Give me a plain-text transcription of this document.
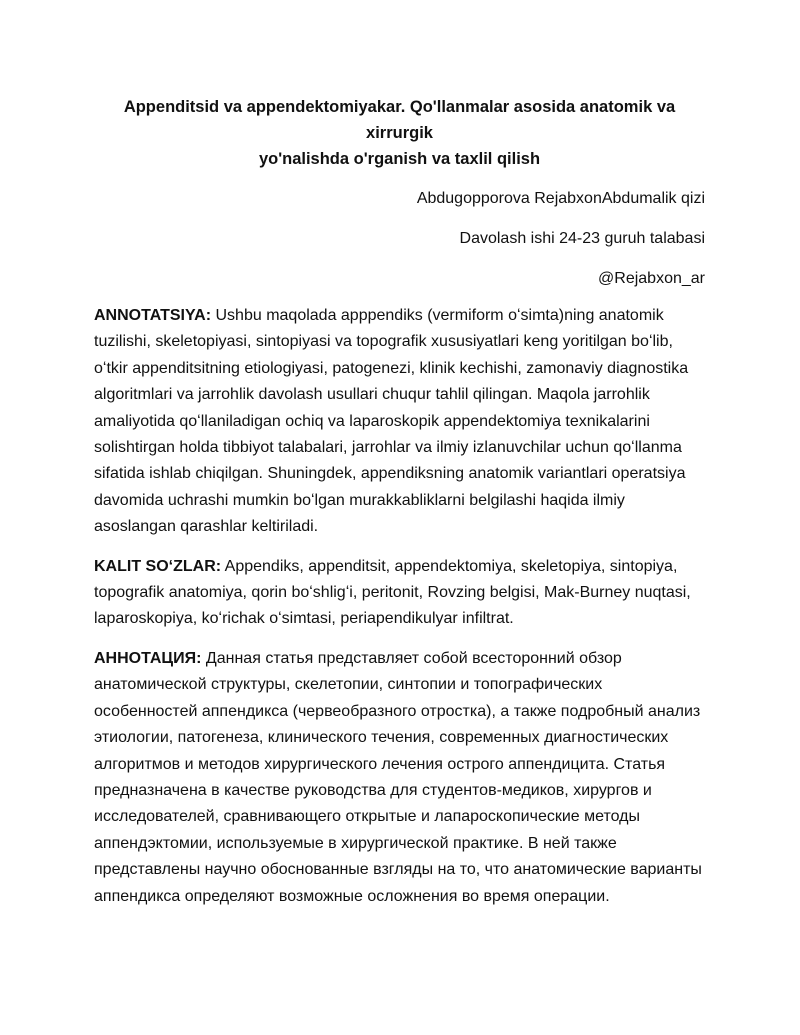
Appenditsid va appendektomiyakar. Qo'llanmalar asosida anatomik va xirrurgik
yo'nalishda o'rganish va taxlil qilish

Abdugopporova RejabxonAbdumalik qizi

Davolash ishi 24-23 guruh talabasi

@Rejabxon_ar

ANNOTATSIYA: Ushbu maqolada apppendiks (vermiform oʻsimta)ning anatomik tuzilishi, skeletopiyasi, sintopiyasi va topografik xususiyatlari keng yoritilgan boʻlib, oʻtkir appenditsitning etiologiyasi, patogenezi, klinik kechishi, zamonaviy diagnostika algoritmlari va jarrohlik davolash usullari chuqur tahlil qilingan. Maqola jarrohlik amaliyotida qoʻllaniladigan ochiq va laparoskopik appendektomiya texnikalarini solishtirgan holda tibbiyot talabalari, jarrohlar va ilmiy izlanuvchilar uchun qoʻllanma sifatida ishlab chiqilgan. Shuningdek, appendiksning anatomik variantlari operatsiya davomida uchrashi mumkin boʻlgan murakkabliklarni belgilashi haqida ilmiy asoslangan qarashlar keltiriladi.

KALIT SOʻZLAR: Appendiks, appenditsit, appendektomiya, skeletopiya, sintopiya, topografik anatomiya, qorin boʻshligʻi, peritonit, Rovzing belgisi, Mak-Burney nuqtasi, laparoskopiya, koʻrichak oʻsimtasi, periapendikulyar infiltrat.

АННОТАЦИЯ: Данная статья представляет собой всесторонний обзор анатомической структуры, скелетопии, синтопии и топографических особенностей аппендикса (червеобразного отростка), а также подробный анализ этиологии, патогенеза, клинического течения, современных диагностических алгоритмов и методов хирургического лечения острого аппендицита. Статья предназначена в качестве руководства для студентов-медиков, хирургов и исследователей, сравнивающего открытые и лапароскопические методы аппендэктомии, используемые в хирургической практике. В ней также представлены научно обоснованные взгляды на то, что анатомические варианты аппендикса определяют возможные осложнения во время операции.
